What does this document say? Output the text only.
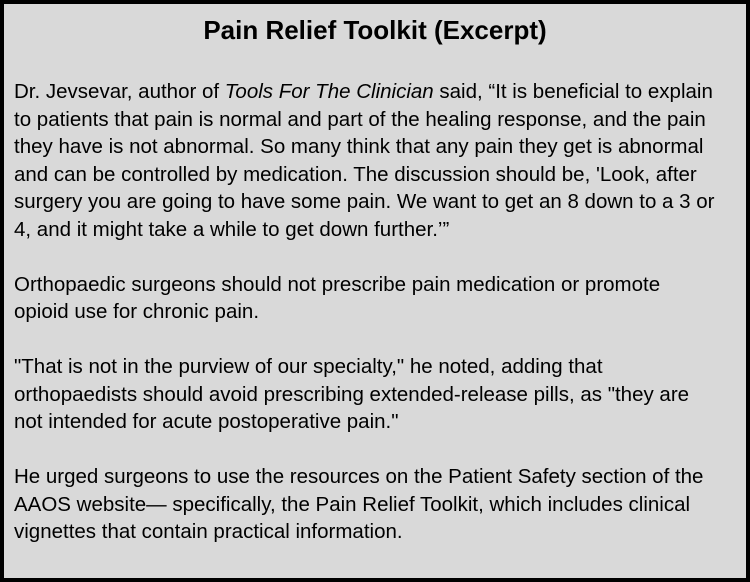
Pain Relief Toolkit (Excerpt)

Dr. Jevsevar, author of Tools For The Clinician said, “It is beneficial to explain
to patients that pain is normal and part of the healing response, and the pain
they have is not abnormal. So many think that any pain they get is abnormal
and can be controlled by medication. The discussion should be, 'Look, after
surgery you are going to have some pain. We want to get an 8 down to a 3 or
4, and it might take a while to get down further.’”

Orthopaedic surgeons should not prescribe pain medication or promote
opioid use for chronic pain.

"That is not in the purview of our specialty," he noted, adding that
orthopaedists should avoid prescribing extended-release pills, as "they are
not intended for acute postoperative pain."

He urged surgeons to use the resources on the Patient Safety section of the
AAOS website— specifically, the Pain Relief Toolkit, which includes clinical
vignettes that contain practical information.
